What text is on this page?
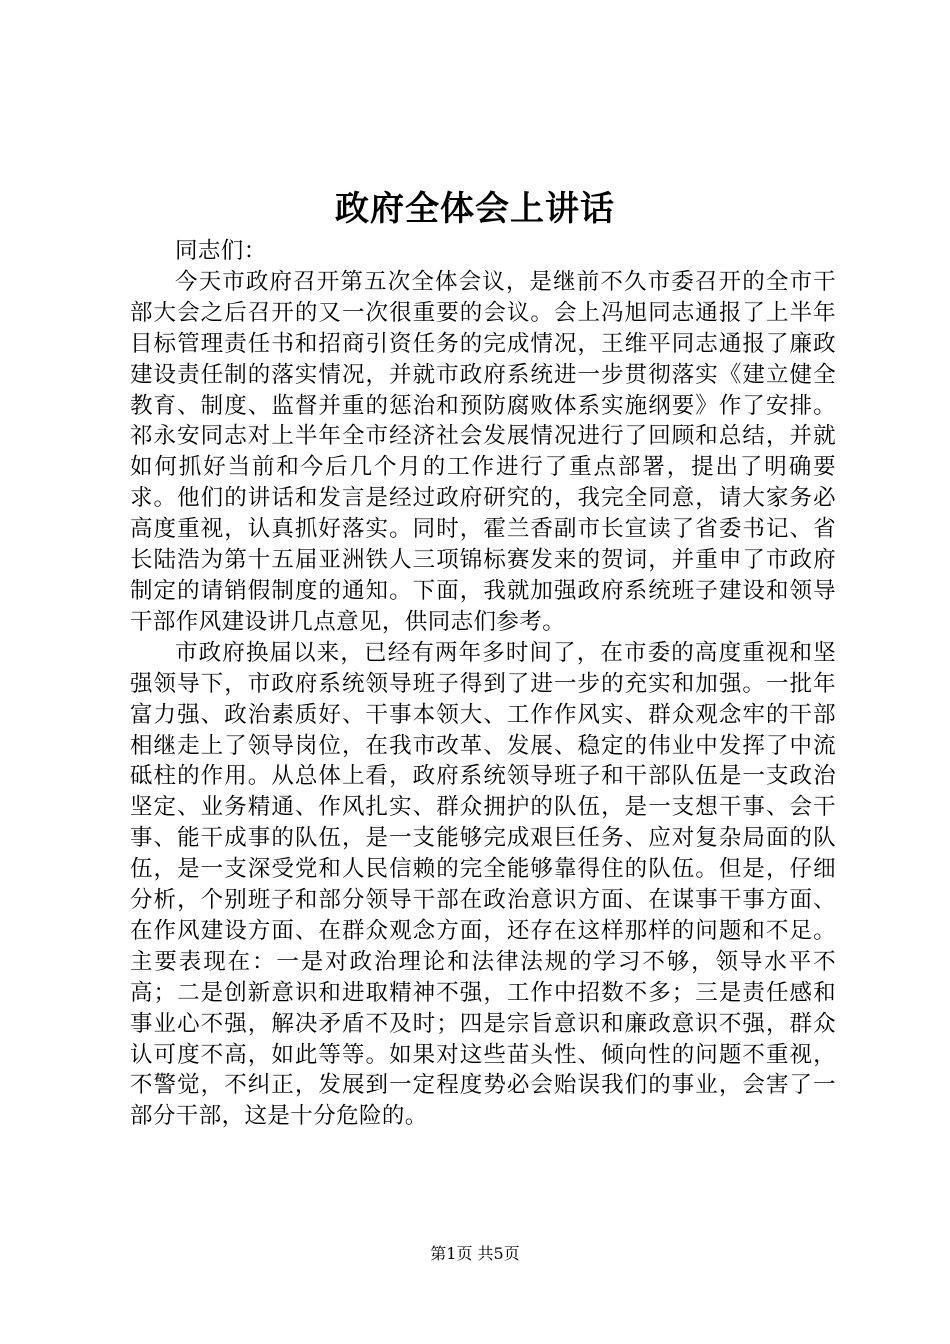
政府全体会上讲话

同志们：

今天市政府召开第五次全体会议，是继前不久市委召开的全市干部大会之后召开的又一次很重要的会议。会上冯旭同志通报了上半年目标管理责任书和招商引资任务的完成情况，王维平同志通报了廉政建设责任制的落实情况，并就市政府系统进一步贯彻落实《建立健全教育、制度、监督并重的惩治和预防腐败体系实施纲要》作了安排。祁永安同志对上半年全市经济社会发展情况进行了回顾和总结，并就如何抓好当前和今后几个月的工作进行了重点部署，提出了明确要求。他们的讲话和发言是经过政府研究的，我完全同意，请大家务必高度重视，认真抓好落实。同时，霍兰香副市长宣读了省委书记、省长陆浩为第十五届亚洲铁人三项锦标赛发来的贺词，并重申了市政府制定的请销假制度的通知。下面，我就加强政府系统班子建设和领导干部作风建设讲几点意见，供同志们参考。

市政府换届以来，已经有两年多时间了，在市委的高度重视和坚强领导下，市政府系统领导班子得到了进一步的充实和加强。一批年富力强、政治素质好、干事本领大、工作作风实、群众观念牢的干部相继走上了领导岗位，在我市改革、发展、稳定的伟业中发挥了中流砥柱的作用。从总体上看，政府系统领导班子和干部队伍是一支政治坚定、业务精通、作风扎实、群众拥护的队伍，是一支想干事、会干事、能干成事的队伍，是一支能够完成艰巨任务、应对复杂局面的队伍，是一支深受党和人民信赖的完全能够靠得住的队伍。但是，仔细分析，个别班子和部分领导干部在政治意识方面、在谋事干事方面、在作风建设方面、在群众观念方面，还存在这样那样的问题和不足。主要表现在：一是对政治理论和法律法规的学习不够，领导水平不高；二是创新意识和进取精神不强，工作中招数不多；三是责任感和事业心不强，解决矛盾不及时；四是宗旨意识和廉政意识不强，群众认可度不高，如此等等。如果对这些苗头性、倾向性的问题不重视，不警觉，不纠正，发展到一定程度势必会贻误我们的事业，会害了一部分干部，这是十分危险的。

第1页 共5页
